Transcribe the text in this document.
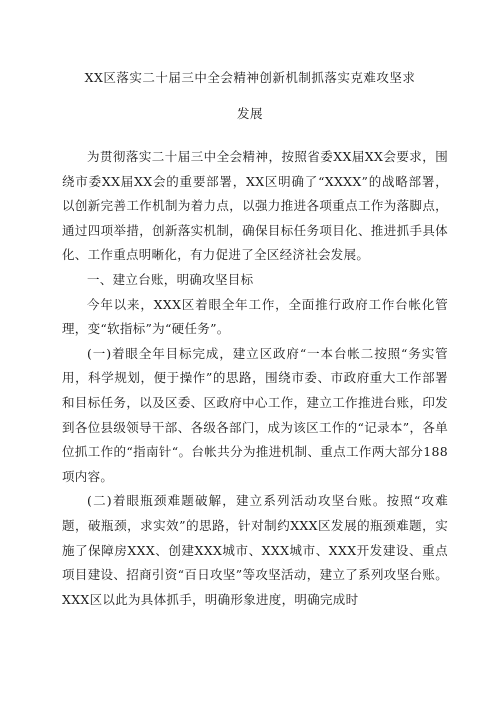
XX区落实二十届三中全会精神创新机制抓落实克难攻坚求
发展

为贯彻落实二十届三中全会精神，按照省委XX届XX会要求，围绕市委XX届XX会的重要部署，XX区明确了“XXXX”的战略部署，以创新完善工作机制为着力点，以强力推进各项重点工作为落脚点，通过四项举措，创新落实机制，确保目标任务项目化、推进抓手具体化、工作重点明晰化，有力促进了全区经济社会发展。

一、建立台账，明确攻坚目标

今年以来，XXX区着眼全年工作，全面推行政府工作台帐化管理，变“软指标”为“硬任务”。

(一)着眼全年目标完成，建立区政府“一本台帐二按照“务实管用，科学规划，便于操作”的思路，围绕市委、市政府重大工作部署和目标任务，以及区委、区政府中心工作，建立工作推进台账，印发到各位县级领导干部、各级各部门，成为该区工作的“记录本”，各单位抓工作的“指南针“。台帐共分为推进机制、重点工作两大部分188项内容。

(二)着眼瓶颈难题破解，建立系列活动攻坚台账。按照“攻难题，破瓶颈，求实效”的思路，针对制约XXX区发展的瓶颈难题，实施了保障房XXX、创建XXX城市、XXX城市、XXX开发建设、重点项目建设、招商引资“百日攻坚”等攻坚活动，建立了系列攻坚台账。XXX区以此为具体抓手，明确形象进度，明确完成时
